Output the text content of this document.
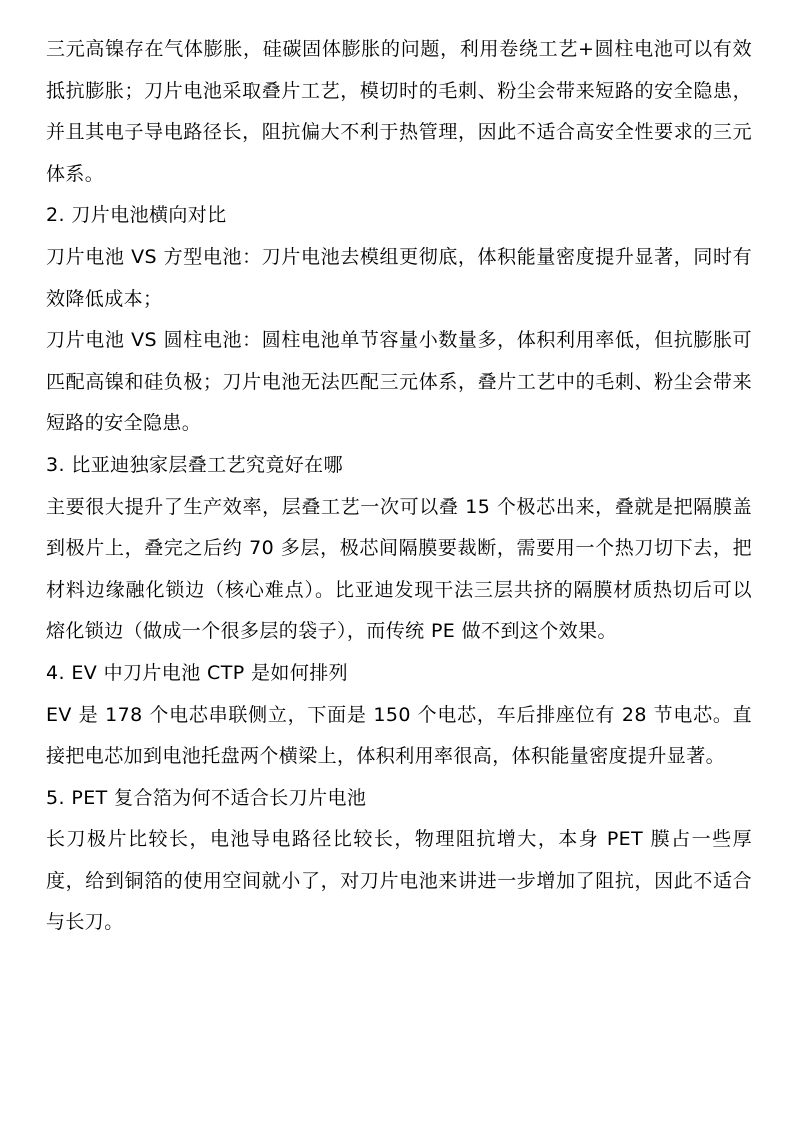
三元高镍存在气体膨胀，硅碳固体膨胀的问题，利用卷绕工艺+圆柱电池可以有效抵抗膨胀；刀片电池采取叠片工艺，模切时的毛刺、粉尘会带来短路的安全隐患，并且其电子导电路径长，阻抗偏大不利于热管理，因此不适合高安全性要求的三元体系。

2. 刀片电池横向对比

刀片电池 VS 方型电池：刀片电池去模组更彻底，体积能量密度提升显著，同时有效降低成本；

刀片电池 VS 圆柱电池：圆柱电池单节容量小数量多，体积利用率低，但抗膨胀可匹配高镍和硅负极；刀片电池无法匹配三元体系，叠片工艺中的毛刺、粉尘会带来短路的安全隐患。

3. 比亚迪独家层叠工艺究竟好在哪

主要很大提升了生产效率，层叠工艺一次可以叠 15 个极芯出来，叠就是把隔膜盖到极片上，叠完之后约 70 多层，极芯间隔膜要裁断，需要用一个热刀切下去，把材料边缘融化锁边（核心难点）。比亚迪发现干法三层共挤的隔膜材质热切后可以熔化锁边（做成一个很多层的袋子），而传统 PE 做不到这个效果。

4. EV 中刀片电池 CTP 是如何排列

EV 是 178 个电芯串联侧立，下面是 150 个电芯，车后排座位有 28 节电芯。直接把电芯加到电池托盘两个横梁上，体积利用率很高，体积能量密度提升显著。

5. PET 复合箔为何不适合长刀片电池

长刀极片比较长，电池导电路径比较长，物理阻抗增大，本身 PET 膜占一些厚度，给到铜箔的使用空间就小了，对刀片电池来讲进一步增加了阻抗，因此不适合与长刀。
